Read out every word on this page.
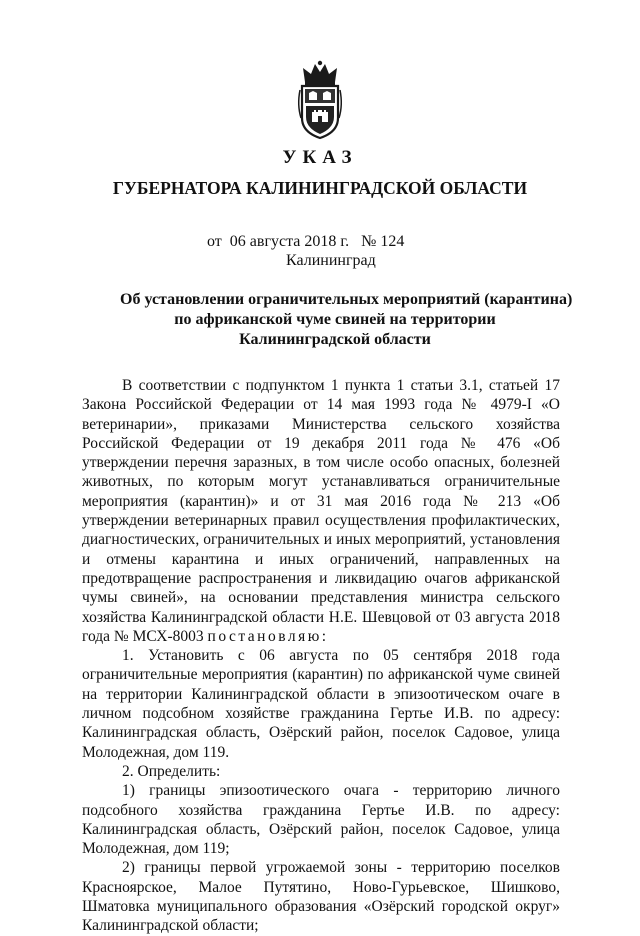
УКАЗ
ГУБЕРНАТОРА КАЛИНИНГРАДСКОЙ ОБЛАСТИ
от 06 августа 2018 г. № 124
Калининград
Об установлении ограничительных мероприятий (карантина)
по африканской чуме свиней на территории
Калининградской области

В соответствии с подпунктом 1 пункта 1 статьи 3.1, статьей 17 Закона Российской Федерации от 14 мая 1993 года № 4979-I «О ветеринарии», приказами Министерства сельского хозяйства Российской Федерации от 19 декабря 2011 года № 476 «Об утверждении перечня заразных, в том числе особо опасных, болезней животных, по которым могут устанавливаться ограничительные мероприятия (карантин)» и от 31 мая 2016 года № 213 «Об утверждении ветеринарных правил осуществления профилактических, диагностических, ограничительных и иных мероприятий, установления и отмены карантина и иных ограничений, направленных на предотвращение распространения и ликвидацию очагов африканской чумы свиней», на основании представления министра сельского хозяйства Калининградской области Н.Е. Шевцовой от 03 августа 2018 года № МСХ-8003 постановляю:

1. Установить с 06 августа по 05 сентября 2018 года ограничительные мероприятия (карантин) по африканской чуме свиней на территории Калининградской области в эпизоотическом очаге в личном подсобном хозяйстве гражданина Гертье И.В. по адресу: Калининградская область, Озёрский район, поселок Садовое, улица Молодежная, дом 119.

2. Определить:

1) границы эпизоотического очага - территорию личного подсобного хозяйства гражданина Гертье И.В. по адресу: Калининградская область, Озёрский район, поселок Садовое, улица Молодежная, дом 119;

2) границы первой угрожаемой зоны - территорию поселков Красноярское, Малое Путятино, Ново-Гурьевское, Шишково, Шматовка муниципального образования «Озёрский городской округ» Калининградской области;
